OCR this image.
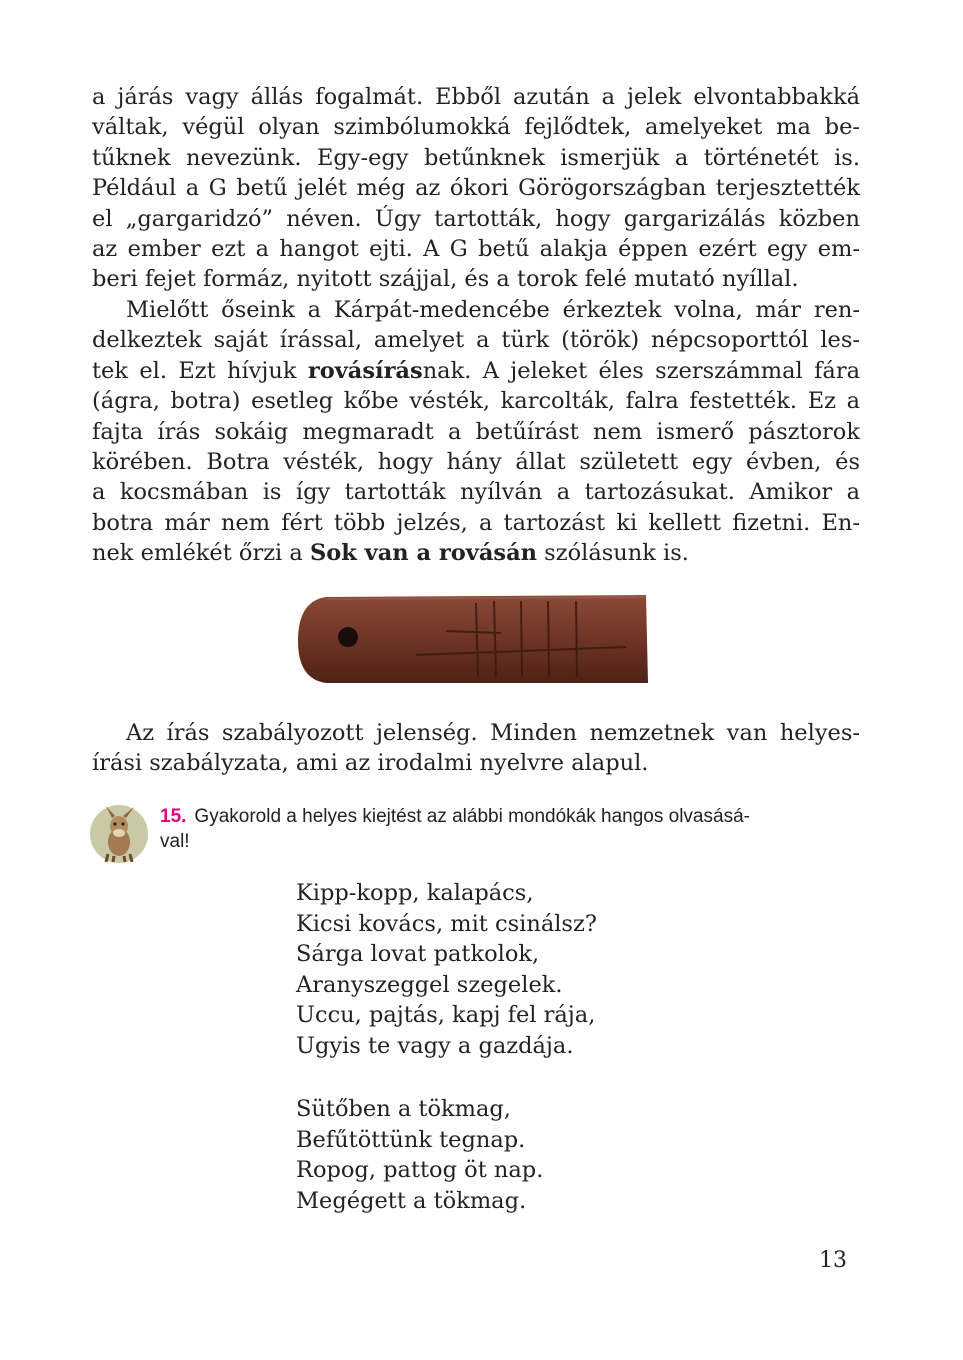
a járás vagy állás fogalmát. Ebből azután a jelek elvontabbakká
váltak, végül olyan szimbólumokká fejlődtek, amelyeket ma be-
tűknek nevezünk. Egy-egy betűnknek ismerjük a történetét is.
Például a G betű jelét még az ókori Görögországban terjesztették
el „gargaridzó” néven. Úgy tartották, hogy gargarizálás közben
az ember ezt a hangot ejti. A G betű alakja éppen ezért egy em-
beri fejet formáz, nyitott szájjal, és a torok felé mutató nyíllal.
Mielőtt őseink a Kárpát-medencébe érkeztek volna, már ren-
delkeztek saját írással, amelyet a türk (török) népcsoporttól les-
tek el. Ezt hívjuk rovásírásnak. A jeleket éles szerszámmal fára
(ágra, botra) esetleg kőbe vésték, karcolták, falra festették. Ez a
fajta írás sokáig megmaradt a betűírást nem ismerő pásztorok
körében. Botra vésték, hogy hány állat született egy évben, és
a kocsmában is így tartották nyílván a tartozásukat. Amikor a
botra már nem fért több jelzés, a tartozást ki kellett fizetni. En-
nek emlékét őrzi a Sok van a rovásán szólásunk is.
Az írás szabályozott jelenség. Minden nemzetnek van helyes-
írási szabályzata, ami az irodalmi nyelvre alapul.
15. Gyakorold a helyes kiejtést az alábbi mondókák hangos olvasásá-
val!
Kipp-kopp, kalapács,
Kicsi kovács, mit csinálsz?
Sárga lovat patkolok,
Aranyszeggel szegelek.
Uccu, pajtás, kapj fel rája,
Ugyis te vagy a gazdája.
Sütőben a tökmag,
Befűtöttünk tegnap.
Ropog, pattog öt nap.
Megégett a tökmag.
13
